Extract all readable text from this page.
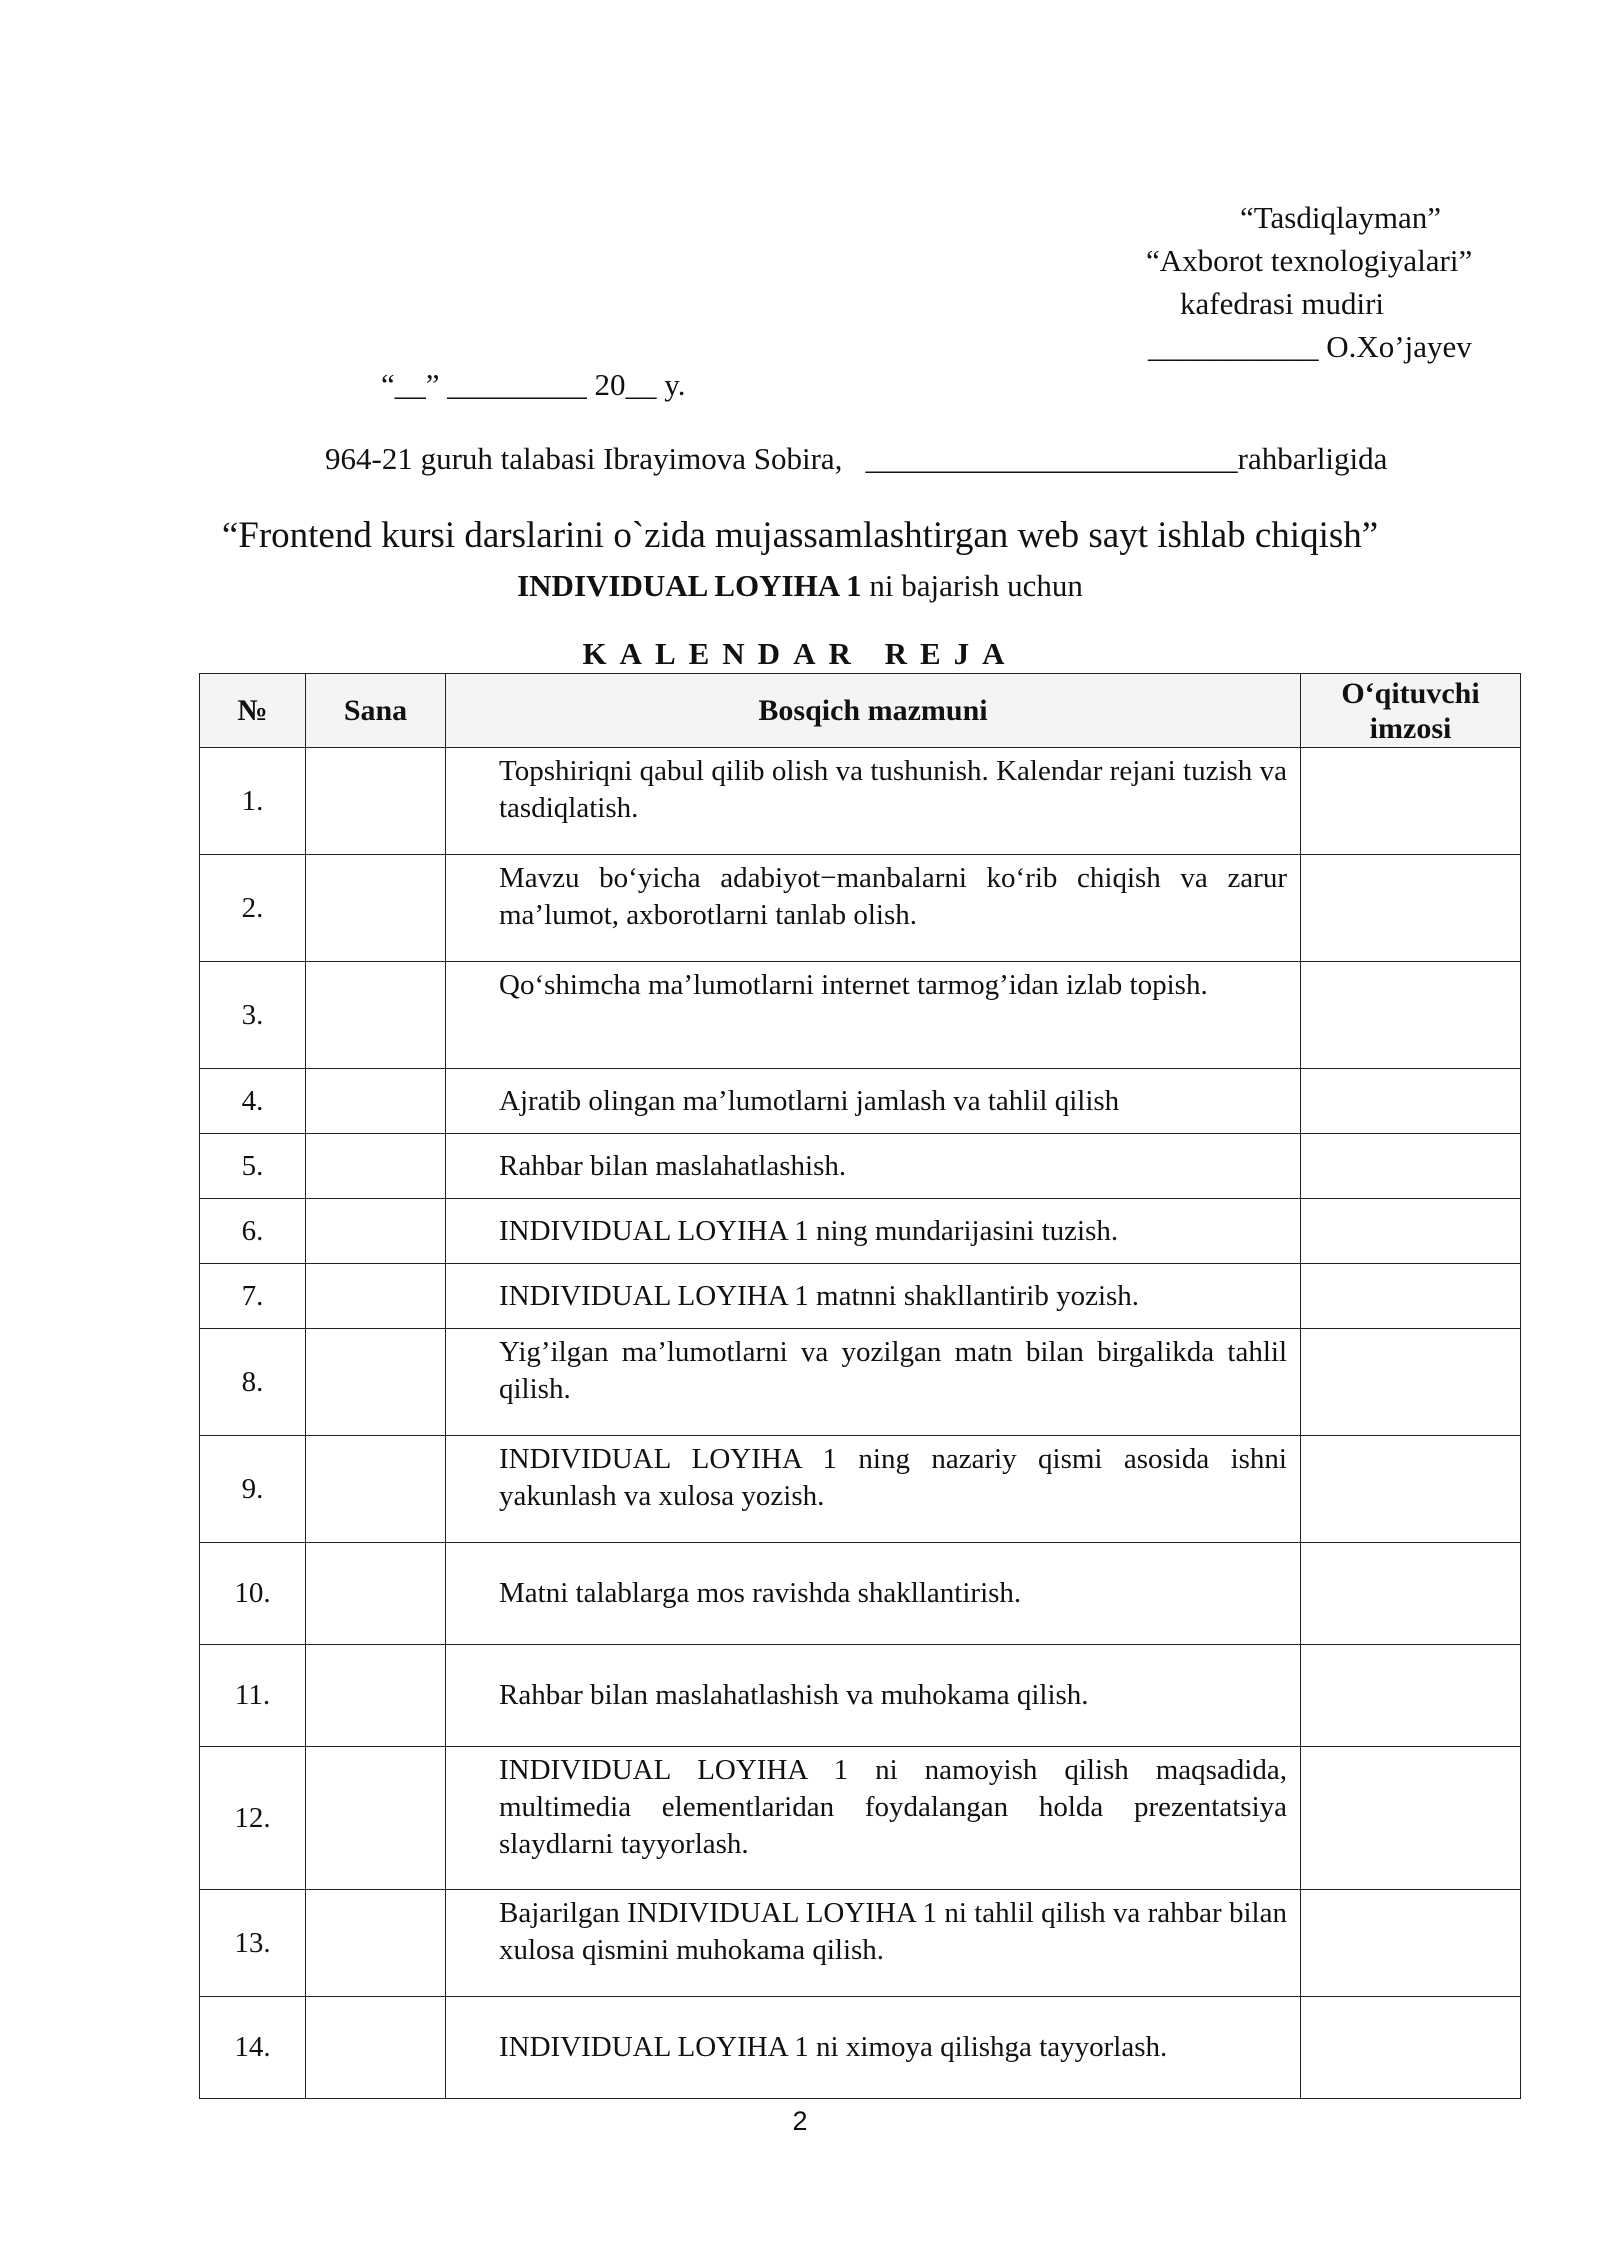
“Tasdiqlayman”
“Axborot texnologiyalari”
kafedrasi mudiri
___________ O.Xo’jayev
“__” _________ 20__ y.
964-21 guruh talabasi Ibrayimova Sobira,   ________________________rahbarligida
“Frontend kursi darslarini o`zida mujassamlashtirgan web sayt ishlab chiqish”
INDIVIDUAL LOYIHA 1 ni bajarish uchun
KALENDAR REJA
№	Sana	Bosqich mazmuni	O‘qituvchi imzosi
1.		Topshiriqni qabul qilib olish va tushunish. Kalendar rejani tuzish va tasdiqlatish.	
2.		Mavzu bo‘yicha adabiyot−manbalarni ko‘rib chiqish va zarur ma’lumot, axborotlarni tanlab olish.	
3.		Qo‘shimcha ma’lumotlarni internet tarmog’idan izlab topish.	
4.		Ajratib olingan ma’lumotlarni jamlash va tahlil qilish	
5.		Rahbar bilan maslahatlashish.	
6.		INDIVIDUAL LOYIHA 1 ning mundarijasini tuzish.	
7.		INDIVIDUAL LOYIHA 1 matnni shakllantirib yozish.	
8.		Yig’ilgan ma’lumotlarni va yozilgan matn bilan birgalikda tahlil qilish.	
9.		INDIVIDUAL LOYIHA 1 ning nazariy qismi asosida ishni yakunlash va xulosa yozish.	
10.		Matni talablarga mos ravishda shakllantirish.	
11.		Rahbar bilan maslahatlashish va muhokama qilish.	
12.		INDIVIDUAL LOYIHA 1 ni namoyish qilish maqsadida, multimedia elementlaridan foydalangan holda prezentatsiya slaydlarni tayyorlash.	
13.		Bajarilgan INDIVIDUAL LOYIHA 1 ni tahlil qilish va rahbar bilan xulosa qismini muhokama qilish.	
14.		INDIVIDUAL LOYIHA 1 ni ximoya qilishga tayyorlash.	
2
